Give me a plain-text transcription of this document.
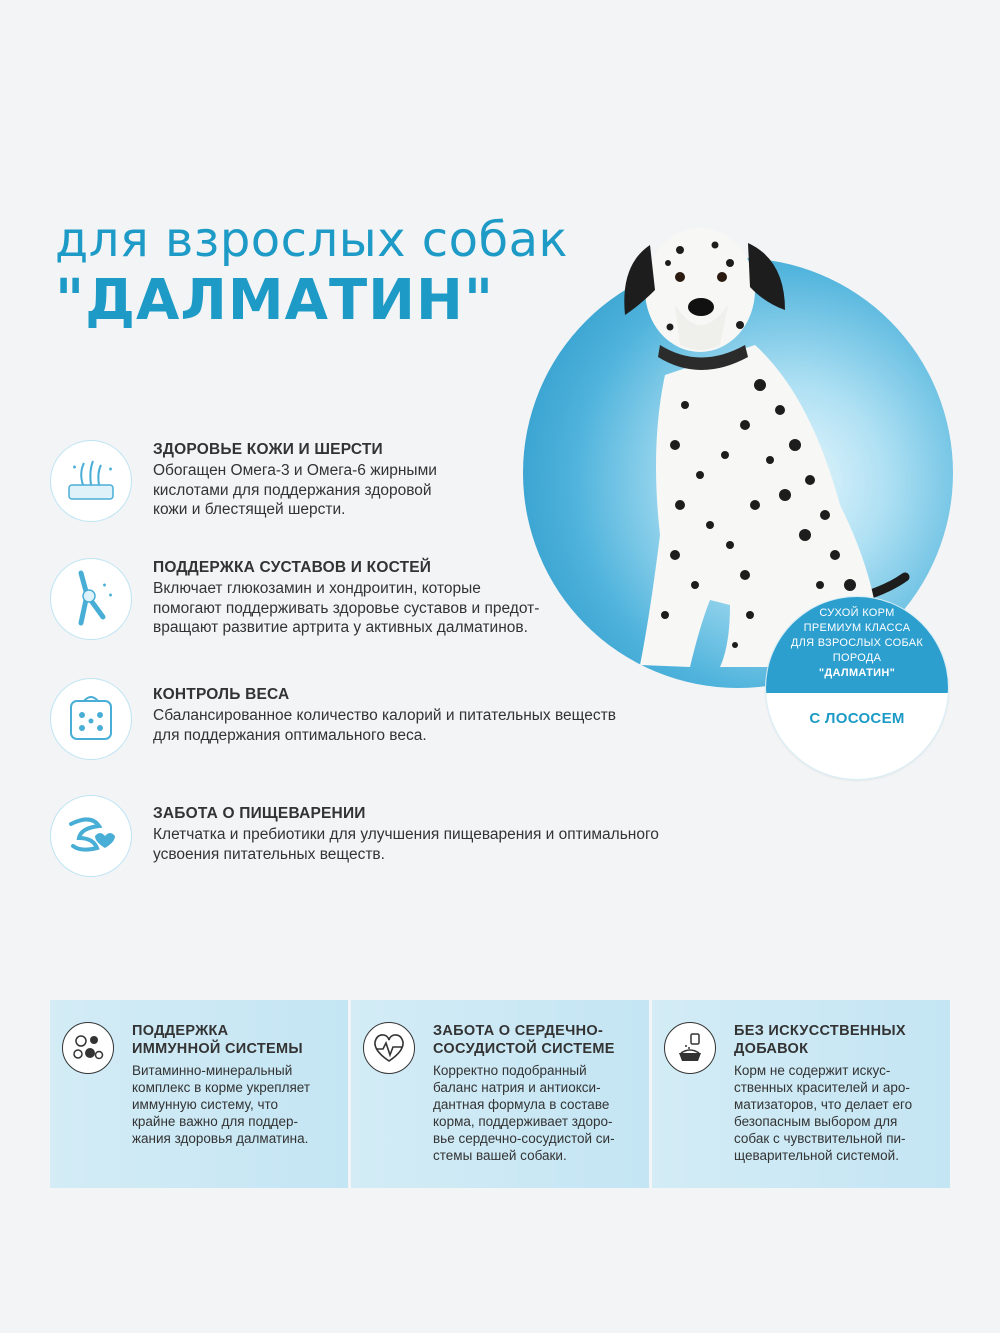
для взрослых собак
"ДАЛМАТИН"
СУХОЙ КОРМ
ПРЕМИУМ КЛАССА
ДЛЯ ВЗРОСЛЫХ СОБАК
ПОРОДА
"ДАЛМАТИН"
С ЛОСОСЕМ
ЗДОРОВЬЕ КОЖИ И ШЕРСТИ
Обогащен Омега-3 и Омега-6 жирными
кислотами для поддержания здоровой
кожи и блестящей шерсти.
ПОДДЕРЖКА СУСТАВОВ И КОСТЕЙ
Включает глюкозамин и хондроитин, которые
помогают поддерживать здоровье суставов и предот-
вращают развитие артрита у активных далматинов.
КОНТРОЛЬ ВЕСА
Сбалансированное количество калорий и питательных веществ
для поддержания оптимального веса.
ЗАБОТА О ПИЩЕВАРЕНИИ
Клетчатка и пребиотики для улучшения пищеварения и оптимального
усвоения питательных веществ.
ПОДДЕРЖКА
ИММУННОЙ СИСТЕМЫ
Витаминно-минеральный
комплекс в корме укрепляет
иммунную систему, что
крайне важно для поддер-
жания здоровья далматина.
ЗАБОТА О СЕРДЕЧНО-
СОСУДИСТОЙ СИСТЕМЕ
Корректно подобранный
баланс натрия и антиокси-
дантная формула в составе
корма, поддерживает здоро-
вье сердечно-сосудистой си-
стемы вашей собаки.
БЕЗ ИСКУССТВЕННЫХ
ДОБАВОК
Корм не содержит искус-
ственных красителей и аро-
матизаторов, что делает его
безопасным выбором для
собак с чувствительной пи-
щеварительной системой.
